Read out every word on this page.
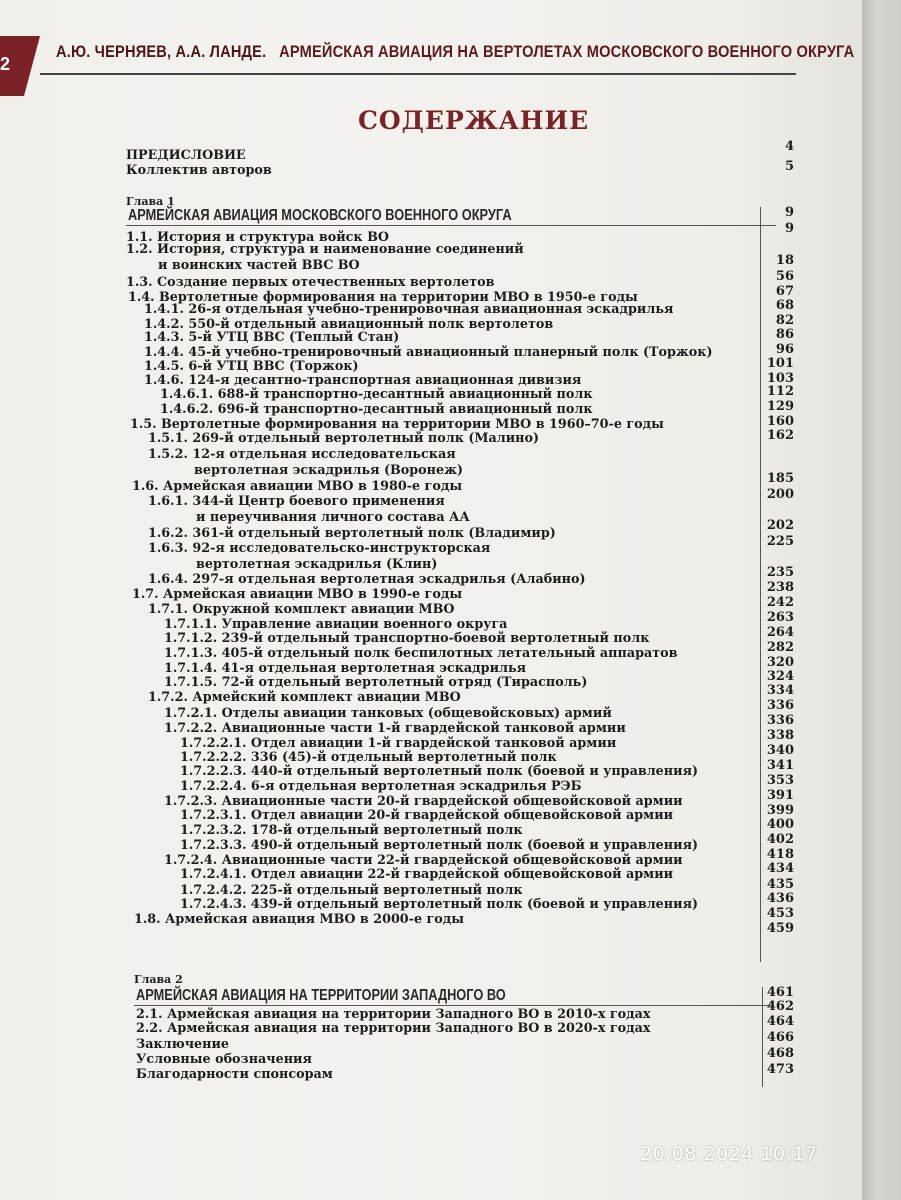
2
А.Ю. ЧЕРНЯЕВ, А.А. ЛАНДЕ. АРМЕЙСКАЯ АВИАЦИЯ НА ВЕРТОЛЕТАХ МОСКОВСКОГО ВОЕННОГО ОКРУГА
СОДЕРЖАНИЕ
ПРЕДИСЛОВИЕ
Коллектив авторов
Глава 1
АРМЕЙСКАЯ АВИАЦИЯ МОСКОВСКОГО ВОЕННОГО ОКРУГА
1.1. История и структура войск ВО
1.2. История, структура и наименование соединений
и воинских частей ВВС ВО
1.3. Создание первых отечественных вертолетов
1.4. Вертолетные формирования на территории МВО в 1950-е годы
1.4.1. 26-я отдельная учебно-тренировочная авиационная эскадрилья
1.4.2. 550-й отдельный авиационный полк вертолетов
1.4.3. 5-й УТЦ ВВС (Теплый Стан)
1.4.4. 45-й учебно-тренировочный авиационный планерный полк (Торжок)
1.4.5. 6-й УТЦ ВВС (Торжок)
1.4.6. 124-я десантно-транспортная авиационная дивизия
1.4.6.1. 688-й транспортно-десантный авиационный полк
1.4.6.2. 696-й транспортно-десантный авиационный полк
1.5. Вертолетные формирования на территории МВО в 1960–70-е годы
1.5.1. 269-й отдельный вертолетный полк (Малино)
1.5.2. 12-я отдельная исследовательская
вертолетная эскадрилья (Воронеж)
1.6. Армейская авиации МВО в 1980-е годы
1.6.1. 344-й Центр боевого применения
и переучивания личного состава АА
1.6.2. 361-й отдельный вертолетный полк (Владимир)
1.6.3. 92-я исследовательско-инструкторская
вертолетная эскадрилья (Клин)
1.6.4. 297-я отдельная вертолетная эскадрилья (Алабино)
1.7. Армейская авиации МВО в 1990-е годы
1.7.1. Окружной комплект авиации МВО
1.7.1.1. Управление авиации военного округа
1.7.1.2. 239-й отдельный транспортно-боевой вертолетный полк
1.7.1.3. 405-й отдельный полк беспилотных летательный аппаратов
1.7.1.4. 41-я отдельная вертолетная эскадрилья
1.7.1.5. 72-й отдельный вертолетный отряд (Тирасполь)
1.7.2. Армейский комплект авиации МВО
1.7.2.1. Отделы авиации танковых (общевойсковых) армий
1.7.2.2. Авиационные части 1-й гвардейской танковой армии
1.7.2.2.1. Отдел авиации 1-й гвардейской танковой армии
1.7.2.2.2. 336 (45)-й отдельный вертолетный полк
1.7.2.2.3. 440-й отдельный вертолетный полк (боевой и управления)
1.7.2.2.4. 6-я отдельная вертолетная эскадрилья РЭБ
1.7.2.3. Авиационные части 20-й гвардейской общевойсковой армии
1.7.2.3.1. Отдел авиации 20-й гвардейской общевойсковой армии
1.7.2.3.2. 178-й отдельный вертолетный полк
1.7.2.3.3. 490-й отдельный вертолетный полк (боевой и управления)
1.7.2.4. Авиационные части 22-й гвардейской общевойсковой армии
1.7.2.4.1. Отдел авиации 22-й гвардейской общевойсковой армии
1.7.2.4.2. 225-й отдельный вертолетный полк
1.7.2.4.3. 439-й отдельный вертолетный полк (боевой и управления)
1.8. Армейская авиация МВО в 2000-е годы
Глава 2
АРМЕЙСКАЯ АВИАЦИЯ НА ТЕРРИТОРИИ ЗАПАДНОГО ВО
2.1. Армейская авиация на территории Западного ВО в 2010-х годах
2.2. Армейская авиация на территории Западного ВО в 2020-х годах
Заключение
Условные обозначения
Благодарности спонсорам
4
5
9
9
18
56
67
68
82
86
96
101
103
112
129
160
162
185
200
202
225
235
238
242
263
264
282
320
324
334
336
336
338
340
341
353
391
399
400
402
418
434
435
436
453
459
461
462
464
466
468
473
20.08.2024 10:17
